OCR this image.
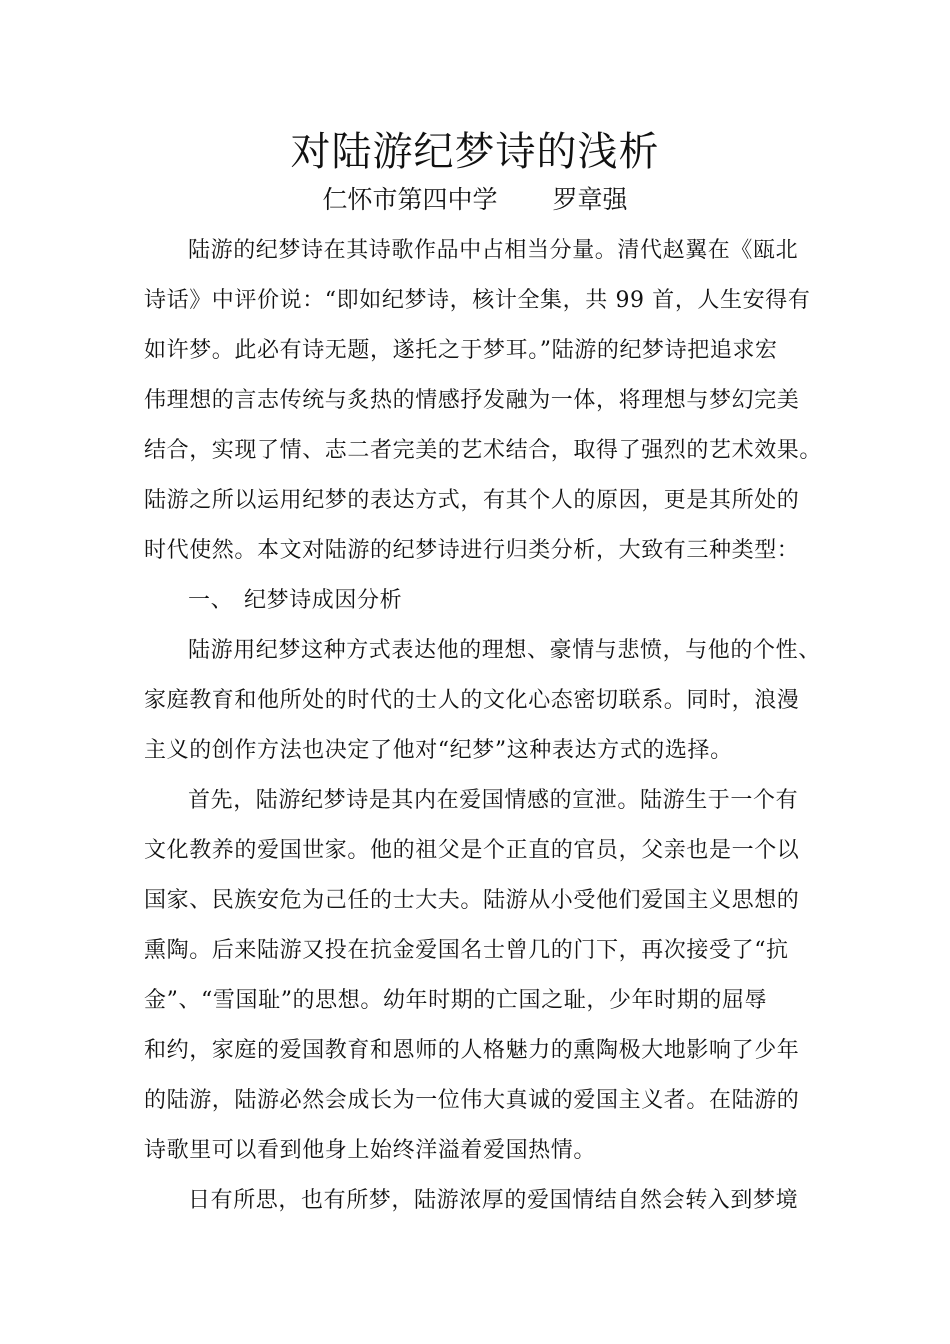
对陆游纪梦诗的浅析
仁怀市第四中学 罗章强
陆游的纪梦诗在其诗歌作品中占相当分量。清代赵翼在《瓯北
诗话》中评价说：“即如纪梦诗，核计全集，共 99 首，人生安得有
如许梦。此必有诗无题，遂托之于梦耳。”陆游的纪梦诗把追求宏
伟理想的言志传统与炙热的情感抒发融为一体，将理想与梦幻完美
结合，实现了情、志二者完美的艺术结合，取得了强烈的艺术效果。
陆游之所以运用纪梦的表达方式，有其个人的原因，更是其所处的
时代使然。本文对陆游的纪梦诗进行归类分析，大致有三种类型：
一、 纪梦诗成因分析
陆游用纪梦这种方式表达他的理想、豪情与悲愤，与他的个性、
家庭教育和他所处的时代的士人的文化心态密切联系。同时，浪漫
主义的创作方法也决定了他对“纪梦”这种表达方式的选择。
首先，陆游纪梦诗是其内在爱国情感的宣泄。陆游生于一个有
文化教养的爱国世家。他的祖父是个正直的官员，父亲也是一个以
国家、民族安危为己任的士大夫。陆游从小受他们爱国主义思想的
熏陶。后来陆游又投在抗金爱国名士曾几的门下，再次接受了“抗
金”、“雪国耻”的思想。幼年时期的亡国之耻，少年时期的屈辱
和约，家庭的爱国教育和恩师的人格魅力的熏陶极大地影响了少年
的陆游，陆游必然会成长为一位伟大真诚的爱国主义者。在陆游的
诗歌里可以看到他身上始终洋溢着爱国热情。
日有所思，也有所梦，陆游浓厚的爱国情结自然会转入到梦境
